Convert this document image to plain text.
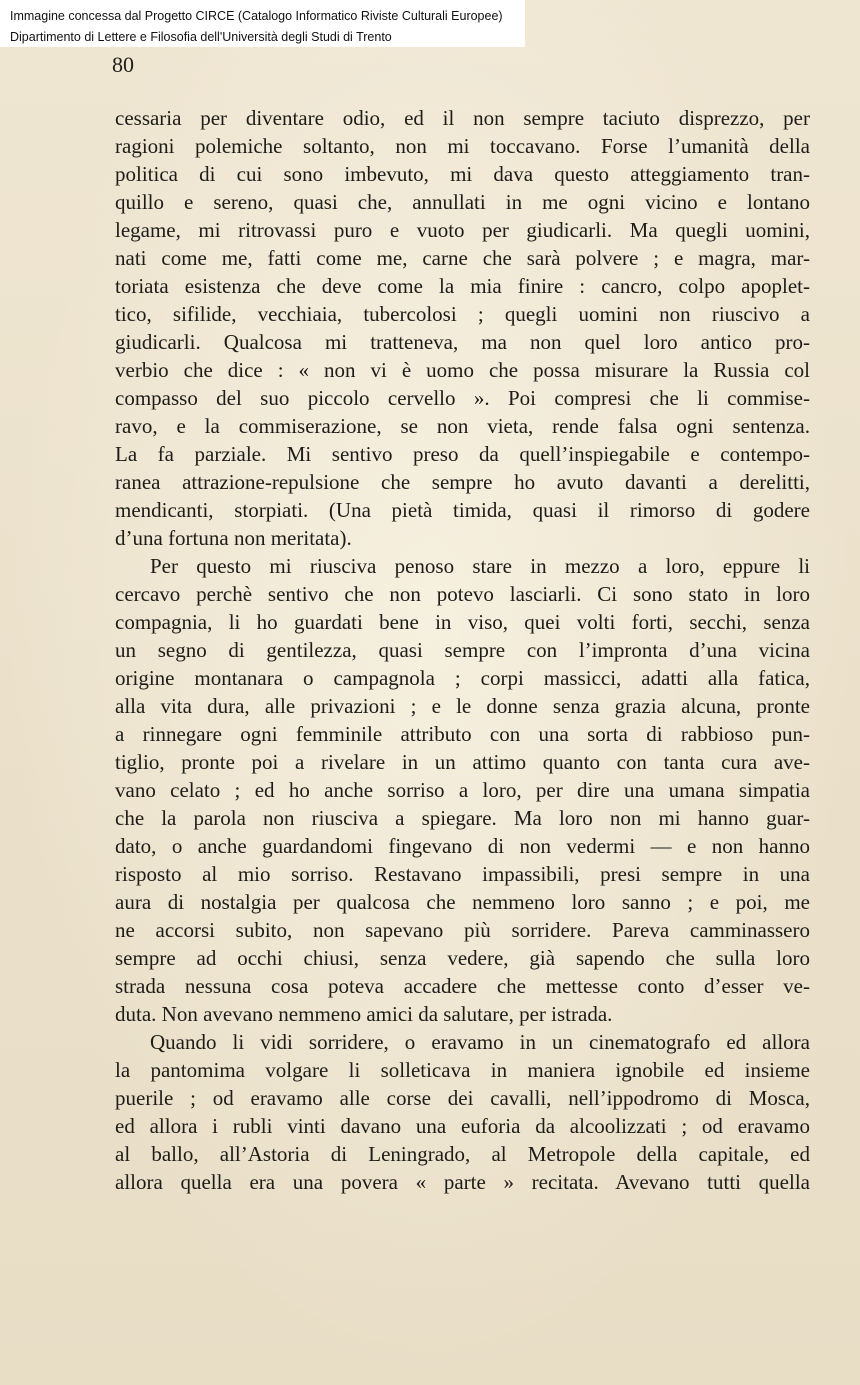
Immagine concessa dal Progetto CIRCE (Catalogo Informatico Riviste Culturali Europee)
Dipartimento di Lettere e Filosofia dell'Università degli Studi di Trento
80
cessaria per diventare odio, ed il non sempre taciuto disprezzo, per
ragioni polemiche soltanto, non mi toccavano. Forse l’umanità della
politica di cui sono imbevuto, mi dava questo atteggiamento tran-
quillo e sereno, quasi che, annullati in me ogni vicino e lontano
legame, mi ritrovassi puro e vuoto per giudicarli. Ma quegli uomini,
nati come me, fatti come me, carne che sarà polvere ; e magra, mar-
toriata esistenza che deve come la mia finire : cancro, colpo apoplet-
tico, sifilide, vecchiaia, tubercolosi ; quegli uomini non riuscivo a
giudicarli. Qualcosa mi tratteneva, ma non quel loro antico pro-
verbio che dice : « non vi è uomo che possa misurare la Russia col
compasso del suo piccolo cervello ». Poi compresi che li commise-
ravo, e la commiserazione, se non vieta, rende falsa ogni sentenza.
La fa parziale. Mi sentivo preso da quell’inspiegabile e contempo-
ranea attrazione-repulsione che sempre ho avuto davanti a derelitti,
mendicanti, storpiati. (Una pietà timida, quasi il rimorso di godere
d’una fortuna non meritata).
Per questo mi riusciva penoso stare in mezzo a loro, eppure li
cercavo perchè sentivo che non potevo lasciarli. Ci sono stato in loro
compagnia, li ho guardati bene in viso, quei volti forti, secchi, senza
un segno di gentilezza, quasi sempre con l’impronta d’una vicina
origine montanara o campagnola ; corpi massicci, adatti alla fatica,
alla vita dura, alle privazioni ; e le donne senza grazia alcuna, pronte
a rinnegare ogni femminile attributo con una sorta di rabbioso pun-
tiglio, pronte poi a rivelare in un attimo quanto con tanta cura ave-
vano celato ; ed ho anche sorriso a loro, per dire una umana simpatia
che la parola non riusciva a spiegare. Ma loro non mi hanno guar-
dato, o anche guardandomi fingevano di non vedermi — e non hanno
risposto al mio sorriso. Restavano impassibili, presi sempre in una
aura di nostalgia per qualcosa che nemmeno loro sanno ; e poi, me
ne accorsi subito, non sapevano più sorridere. Pareva camminassero
sempre ad occhi chiusi, senza vedere, già sapendo che sulla loro
strada nessuna cosa poteva accadere che mettesse conto d’esser ve-
duta. Non avevano nemmeno amici da salutare, per istrada.
Quando li vidi sorridere, o eravamo in un cinematografo ed allora
la pantomima volgare li solleticava in maniera ignobile ed insieme
puerile ; od eravamo alle corse dei cavalli, nell’ippodromo di Mosca,
ed allora i rubli vinti davano una euforia da alcoolizzati ; od eravamo
al ballo, all’Astoria di Leningrado, al Metropole della capitale, ed
allora quella era una povera « parte » recitata. Avevano tutti quella
